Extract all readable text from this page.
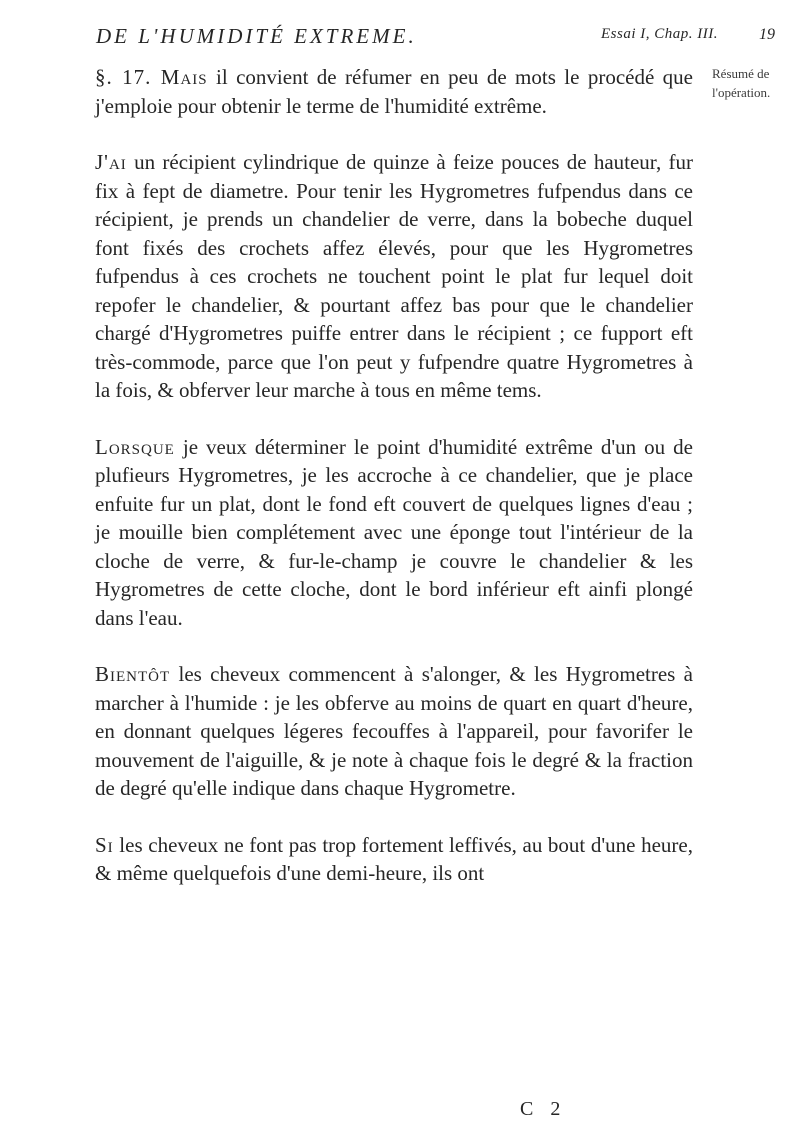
DE L'HUMIDITÉ EXTREME.	Essai I, Chap. III.	19
Résumé de l'opération.

§. 17. Mais il convient de réfumer en peu de mots le procédé que j'emploie pour obtenir le terme de l'humidité extrême.

J'ai un récipient cylindrique de quinze à feize pouces de hauteur, fur fix à fept de diametre. Pour tenir les Hygrometres fufpendus dans ce récipient, je prends un chandelier de verre, dans la bobeche duquel font fixés des crochets affez élevés, pour que les Hygrometres fufpendus à ces crochets ne touchent point le plat fur lequel doit repofer le chandelier, & pourtant affez bas pour que le chandelier chargé d'Hygrometres puiffe entrer dans le récipient ; ce fupport eft très-commode, parce que l'on peut y fufpendre quatre Hygrometres à la fois, & obferver leur marche à tous en même tems.

Lorsque je veux déterminer le point d'humidité extrême d'un ou de plufieurs Hygrometres, je les accroche à ce chandelier, que je place enfuite fur un plat, dont le fond eft couvert de quelques lignes d'eau ; je mouille bien complétement avec une éponge tout l'intérieur de la cloche de verre, & fur-le-champ je couvre le chandelier & les Hygrometres de cette cloche, dont le bord inférieur eft ainfi plongé dans l'eau.

Bientôt les cheveux commencent à s'alonger, & les Hygrometres à marcher à l'humide : je les obferve au moins de quart en quart d'heure, en donnant quelques légeres fecouffes à l'appareil, pour favorifer le mouvement de l'aiguille, & je note à chaque fois le degré & la fraction de degré qu'elle indique dans chaque Hygrometre.

Si les cheveux ne font pas trop fortement leffivés, au bout d'une heure, & même quelquefois d'une demi-heure, ils ont

C 2
